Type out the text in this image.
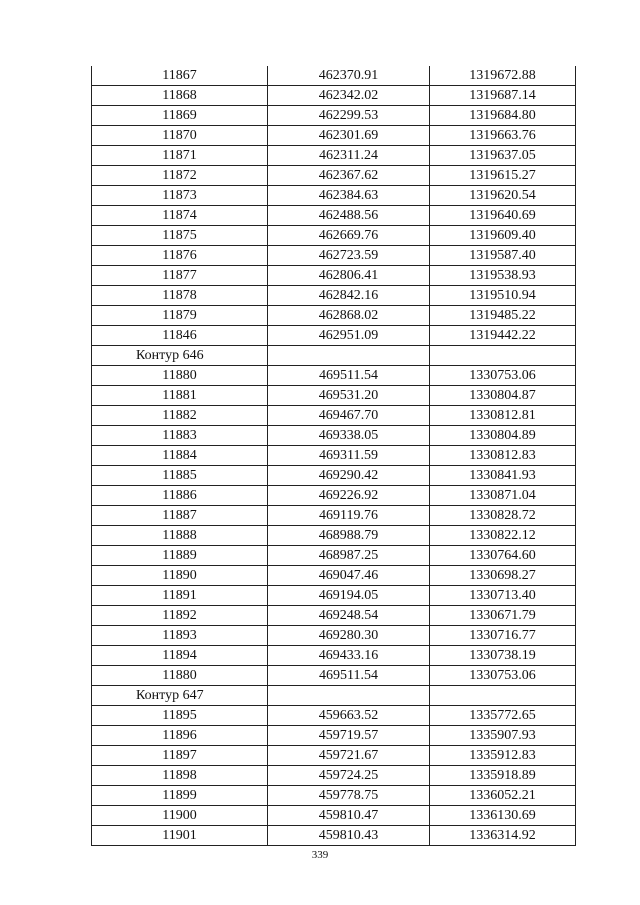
11867	462370.91	1319672.88
11868	462342.02	1319687.14
11869	462299.53	1319684.80
11870	462301.69	1319663.76
11871	462311.24	1319637.05
11872	462367.62	1319615.27
11873	462384.63	1319620.54
11874	462488.56	1319640.69
11875	462669.76	1319609.40
11876	462723.59	1319587.40
11877	462806.41	1319538.93
11878	462842.16	1319510.94
11879	462868.02	1319485.22
11846	462951.09	1319442.22
Контур 646		
11880	469511.54	1330753.06
11881	469531.20	1330804.87
11882	469467.70	1330812.81
11883	469338.05	1330804.89
11884	469311.59	1330812.83
11885	469290.42	1330841.93
11886	469226.92	1330871.04
11887	469119.76	1330828.72
11888	468988.79	1330822.12
11889	468987.25	1330764.60
11890	469047.46	1330698.27
11891	469194.05	1330713.40
11892	469248.54	1330671.79
11893	469280.30	1330716.77
11894	469433.16	1330738.19
11880	469511.54	1330753.06
Контур 647		
11895	459663.52	1335772.65
11896	459719.57	1335907.93
11897	459721.67	1335912.83
11898	459724.25	1335918.89
11899	459778.75	1336052.21
11900	459810.47	1336130.69
11901	459810.43	1336314.92
339
